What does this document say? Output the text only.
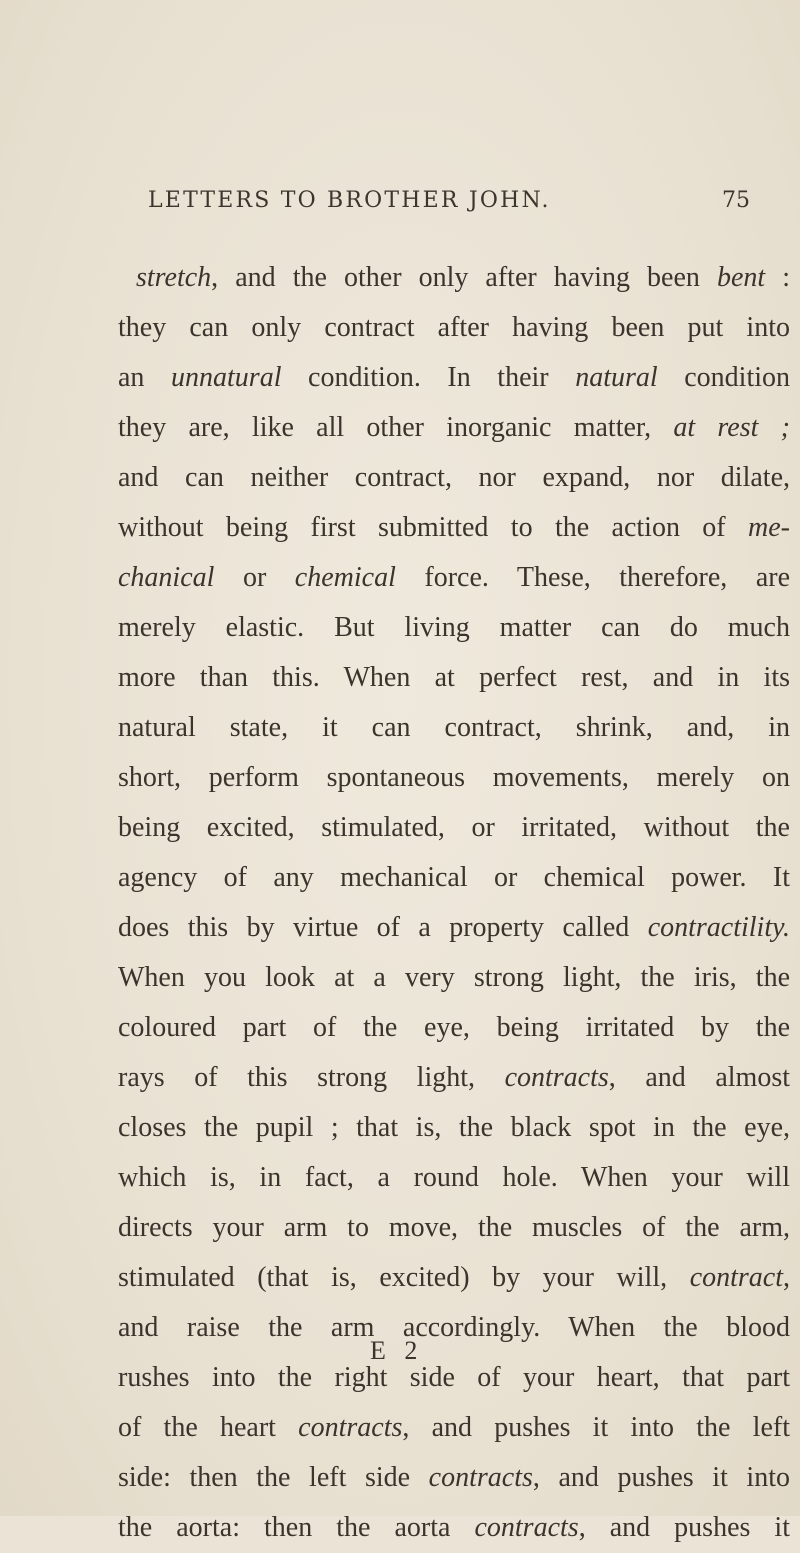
LETTERS TO BROTHER JOHN.	75
stretch, and the other only after having been bent :
they can only contract after having been put into
an unnatural condition. In their natural condition
they are, like all other inorganic matter, at rest ;
and can neither contract, nor expand, nor dilate,
without being first submitted to the action of me-
chanical or chemical force. These, therefore, are
merely elastic. But living matter can do much
more than this. When at perfect rest, and in its
natural state, it can contract, shrink, and, in
short, perform spontaneous movements, merely on
being excited, stimulated, or irritated, without the
agency of any mechanical or chemical power. It
does this by virtue of a property called contractility.
When you look at a very strong light, the iris, the
coloured part of the eye, being irritated by the
rays of this strong light, contracts, and almost
closes the pupil ; that is, the black spot in the eye,
which is, in fact, a round hole. When your will
directs your arm to move, the muscles of the arm,
stimulated (that is, excited) by your will, contract,
and raise the arm accordingly. When the blood
rushes into the right side of your heart, that part
of the heart contracts, and pushes it into the left
side: then the left side contracts, and pushes it into
the aorta: then the aorta contracts, and pushes it
E 2
